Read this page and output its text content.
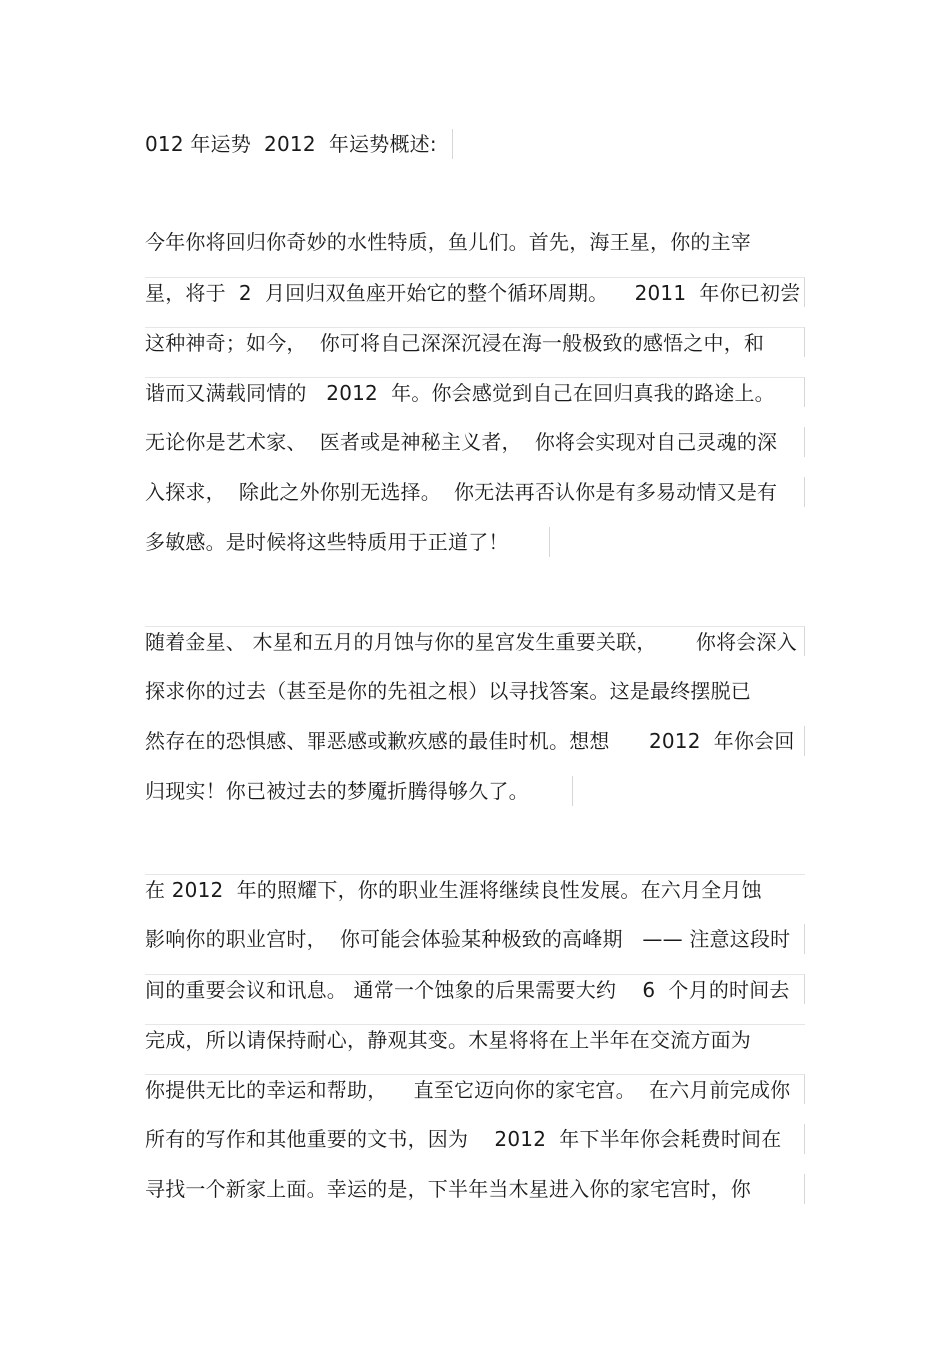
012 年运势  2012  年运势概述:
今年你将回归你奇妙的水性特质，鱼儿们。首先，海王星，你的主宰
星，将于  2  月回归双鱼座开始它的整个循环周期。    2011  年你已初尝
这种神奇；如今，  你可将自己深深沉浸在海一般极致的感悟之中，和
谐而又满载同情的   2012  年。你会感觉到自己在回归真我的路途上。
无论你是艺术家、  医者或是神秘主义者，  你将会实现对自己灵魂的深
入探求，  除此之外你别无选择。  你无法再否认你是有多易动情又是有
多敏感。是时候将这些特质用于正道了！
随着金星、 木星和五月的月蚀与你的星宫发生重要关联，      你将会深入
探求你的过去（甚至是你的先祖之根）以寻找答案。这是最终摆脱已
然存在的恐惧感、罪恶感或歉疚感的最佳时机。想想      2012  年你会回
归现实！你已被过去的梦魇折腾得够久了。
在 2012  年的照耀下，你的职业生涯将继续良性发展。在六月全月蚀
影响你的职业宫时，  你可能会体验某种极致的高峰期   —— 注意这段时
间的重要会议和讯息。 通常一个蚀象的后果需要大约    6  个月的时间去
完成，所以请保持耐心，静观其变。木星将将在上半年在交流方面为
你提供无比的幸运和帮助，    直至它迈向你的家宅宫。  在六月前完成你
所有的写作和其他重要的文书，因为    2012  年下半年你会耗费时间在
寻找一个新家上面。幸运的是，下半年当木星进入你的家宅宫时，你
